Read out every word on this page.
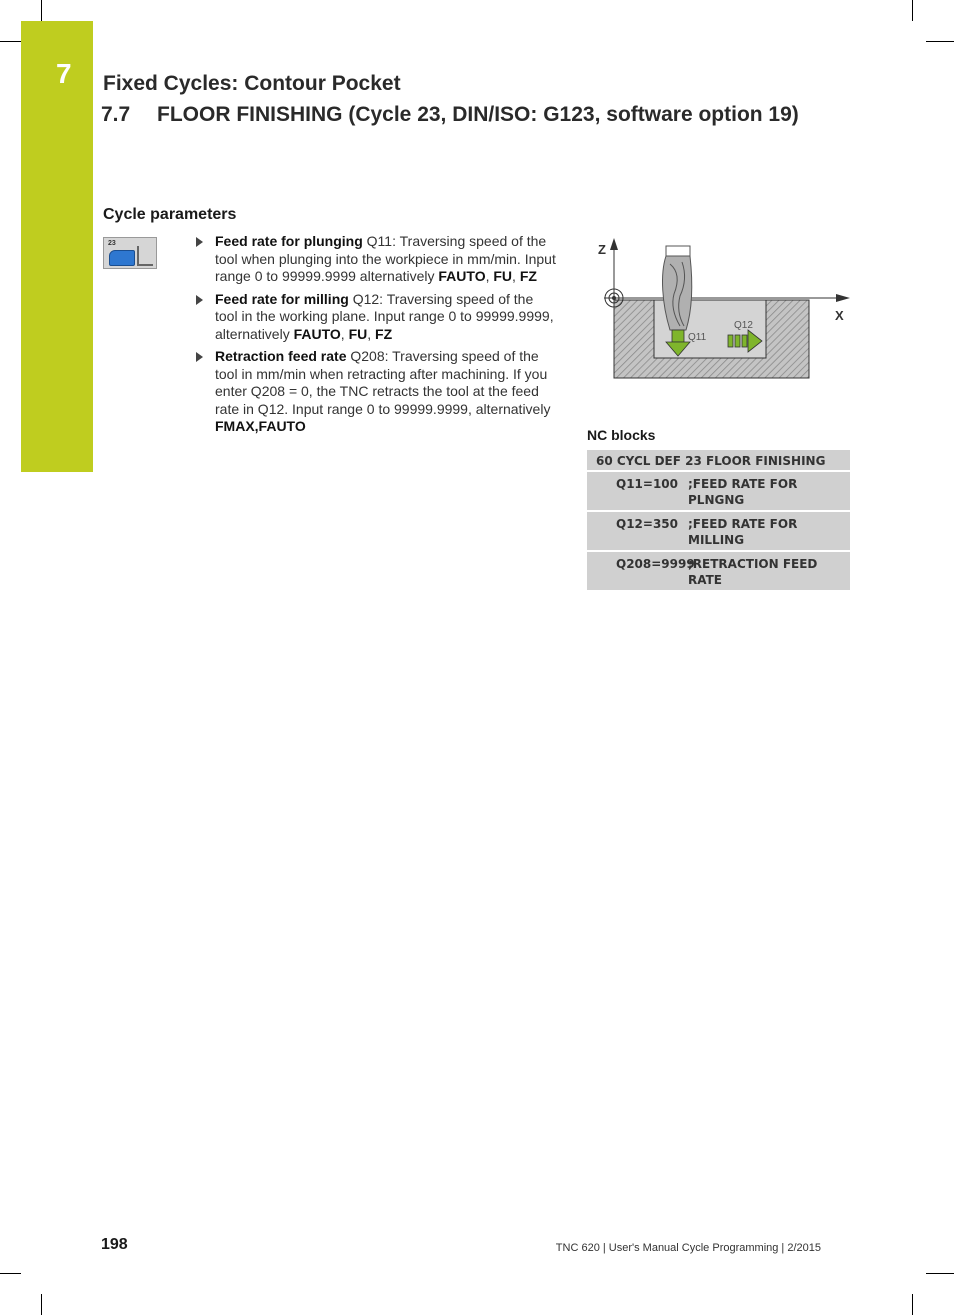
7 Fixed Cycles: Contour Pocket
7.7 FLOOR FINISHING (Cycle 23, DIN/ISO: G123, software option 19)
Cycle parameters
23	Feed rate for plunging Q11: Traversing speed of the tool when plunging into the workpiece in mm/min. Input range 0 to 99999.9999 alternatively FAUTO, FU, FZ
Feed rate for milling Q12: Traversing speed of the tool in the working plane. Input range 0 to 99999.9999, alternatively FAUTO, FU, FZ
Retraction feed rate Q208: Traversing speed of the tool in mm/min when retracting after machining. If you enter Q208 = 0, the TNC retracts the tool at the feed rate in Q12. Input range 0 to 99999.9999, alternatively FMAX,FAUTO
Z
X
Q11
Q12
NC blocks
60 CYCL DEF 23 FLOOR FINISHING
Q11=100 ;FEED RATE FOR PLNGNG
Q12=350 ;FEED RATE FOR MILLING
Q208=9999
;RETRACTION FEED RATE
198	TNC 620 | User's Manual Cycle Programming | 2/2015
